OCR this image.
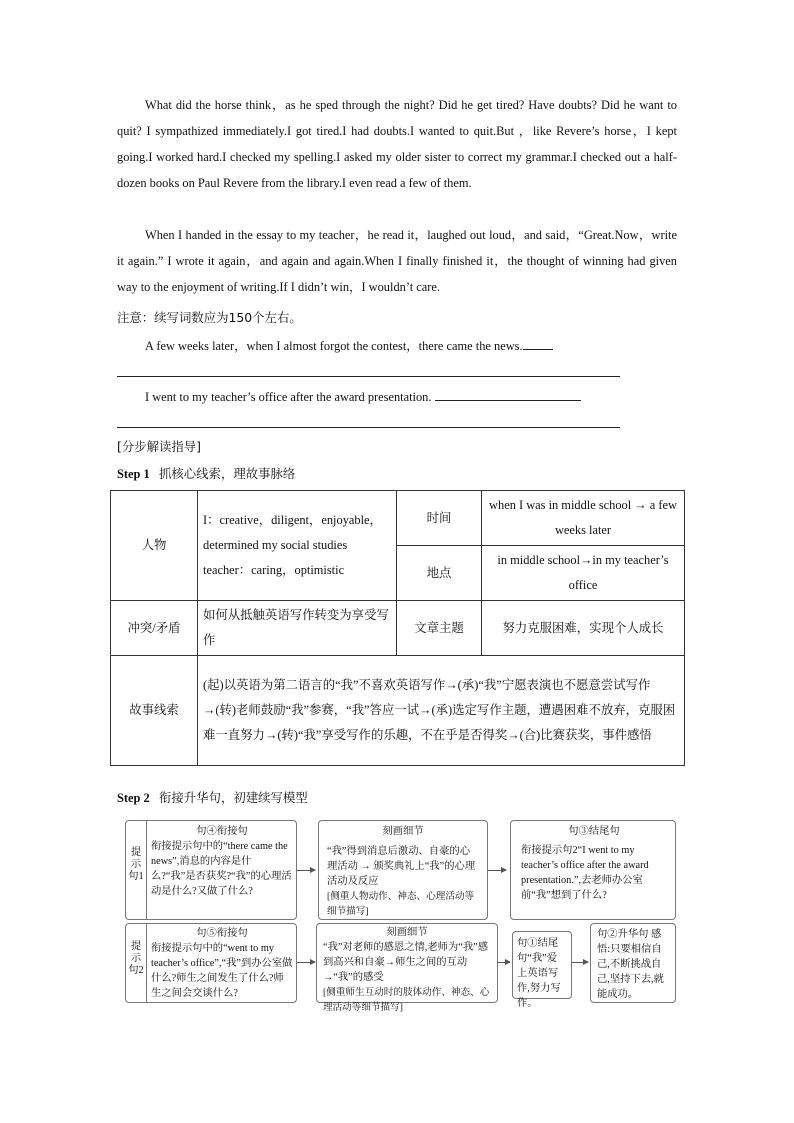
What did the horse think，as he sped through the night? Did he get tired? Have doubts? Did he want to quit? I sympathized immediately.I got tired.I had doubts.I wanted to quit.But ，like Revere’s horse，I kept going.I worked hard.I checked my spelling.I asked my older sister to correct my grammar.I checked out a half-dozen books on Paul Revere from the library.I even read a few of them.
When I handed in the essay to my teacher，he read it，laughed out loud，and said，“Great.Now，write it again.” I wrote it again，and again and again.When I finally finished it，the thought of winning had given way to the enjoyment of writing.If I didn’t win，I wouldn’t care.
注意：续写词数应为150个左右。
A few weeks later，when I almost forgot the contest，there came the news.
I went to my teacher’s office after the award presentation.
[分步解读指导]
Step 1 抓核心线索，理故事脉络
人物	I：creative，diligent，enjoyable，determined my social studies teacher：caring，optimistic	时间	when I was in middle school → a few weeks later
		地点	in middle school→in my teacher’s office
冲突/矛盾	如何从抵触英语写作转变为享受写作	文章主题	努力克服困难，实现个人成长
故事线索	(起)以英语为第二语言的“我”不喜欢英语写作→(承)“我”宁愿表演也不愿意尝试写作→(转)老师鼓励“我”参赛，“我”答应一试→(承)选定写作主题，遭遇困难不放弃，克服困难一直努力→(转)“我”享受写作的乐趣，不在乎是否得奖→(合)比赛获奖，事件感悟		
Step 2 衔接升华句，初建续写模型
提示句1
句④衔接句
衔接提示句中的“there came the news”,消息的内容是什么?“我”是否获奖?“我”的心理活动是什么?又做了什么?
刻画细节
“我”得到消息后激动、自豪的心理活动 → 颁奖典礼上“我”的心理活动及反应
[侧重人物动作、神态、心理活动等细节描写]
句③结尾句
衔接提示句2“I went to my teacher’s office after the award presentation.”,去老师办公室前“我”想到了什么?
提示句2
句⑤衔接句
衔接提示句中的“went to my teacher’s office”,“我”到办公室做什么?师生之间发生了什么?师生之间会交谈什么?
刻画细节
“我”对老师的感恩之情,老师为“我”感到高兴和自豪→师生之间的互动→“我”的感受
[侧重师生互动时的肢体动作、神态、心理活动等细节描写]
句①结尾句“我”爱上英语写作,努力写作。
句②升华句 感悟:只要相信自己,不断挑战自己,坚持下去,就能成功。
